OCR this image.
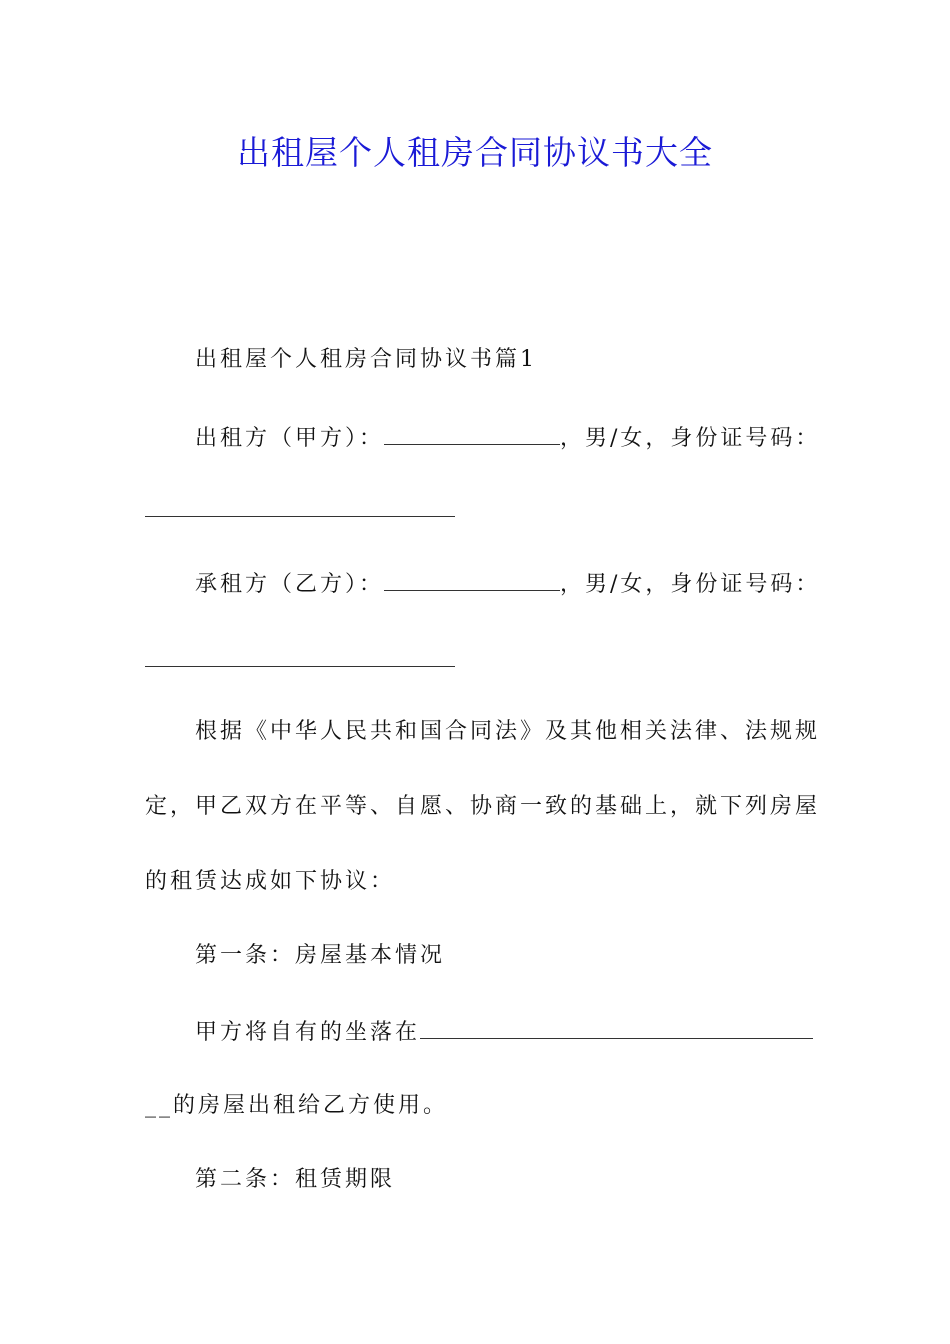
出租屋个人租房合同协议书大全
出租屋个人租房合同协议书篇1
出租方（甲方）：	，男/女，身份证号码：
承租方（乙方）：	，男/女，身份证号码：
根据《中华人民共和国合同法》及其他相关法律、法规规
定，甲乙双方在平等、自愿、协商一致的基础上，就下列房屋
的租赁达成如下协议：
第一条：房屋基本情况
甲方将自有的坐落在
__的房屋出租给乙方使用。
第二条：租赁期限
